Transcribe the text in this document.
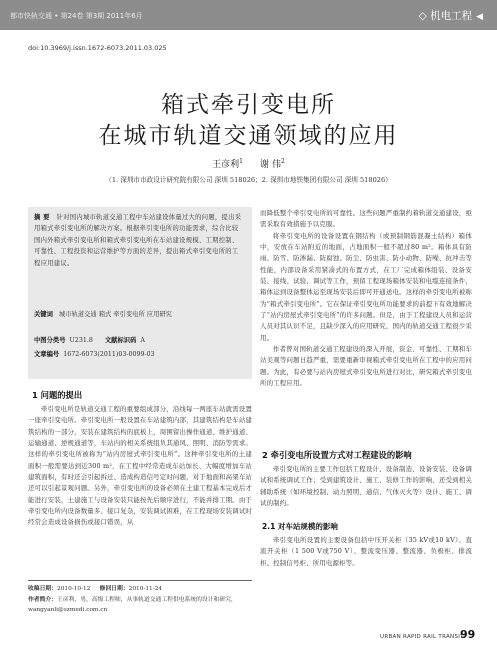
都市快轨交通 • 第24卷 第3期 2011年6月	◇ 机电工程 ◀
doi:10.3969/j.issn.1672-6073.2011.03.025
箱式牵引变电所
在城市轨道交通领域的应用
王彦利$^1$ 谢 伟$^2$
（1. 深圳市市政设计研究院有限公司 深圳 518026；2. 深圳市地铁集团有限公司 深圳 518026）
摘 要 针对国内城市轨道交通工程中车站建设体量过大的问题，提出采用箱式牵引变电所的解决方案。根据牵引变电所的功能需求，综合比较国内外箱式牵引变电所和箱式牵引变电所在车站建设规模、工期控制、可靠性、工程投资和运营维护等方面的差异，提出箱式牵引变电所的工程应用建议。
关键词 城市轨道交通 箱式 牵引变电所 应用研究
中图分类号 U231.8 文献标识码 A
文章编号 1672-6073(2011)03-0099-03
1 问题的提出

牵引变电所是轨道交通工程的重要组成部分，沿线每一两座车站就需设置一座牵引变电所。牵引变电所一般设置在车站建筑内部，其建筑结构是车站建筑结构的一部分，安装在建筑结构的底板上，周围留出操作通道、维护通道、运输通道、逆规通道等，车站内的相关系统组负其通风、照明、消防等需求。这样的牵引变电所被称为“站内房屋式牵引变电所”。这种牵引变电所的土建面积一般需要达到近300 m²，在工程中经常造成车站加长、大幅度增加车站建筑面积，有时还会引起拆迁、造成构造信号定时问题，对于地面和高架车站还可以引起景观问题。另外，牵引变电所的设备必须在土建工程基本完成后才能进行安装，土建施工与设备安装只能按先后顺序进行，不能并排工期。由于牵引变电所内设备数量多、接口复杂，安装调试困难，在工程现场安装调试时经常会造成设备损伤或接口错误，从

收稿日期：2010-10-12 修回日期：2010-11-24
作者简介：王彦利，男，高级工程师，从事轨道交通工程供电系统的设计和研究，wangyanli@szmedi.com.cn

而降低整个牵引变电所的可靠性。这些问题严重制约着轨道交通建设，亟需采取有效措施予以克服。

将牵引变电所的设备设置在钢结构（或预制钢筋混凝土结构）箱体中，安放在车站附近的地面，占地面积一般不超过80 m²。箱体具有防雨、防雪、防渗漏、防腐蚀、防尘、防虫害、防小动物、防噪、抗冲击等性能，内部设备采用紧凑式的布置方式，在工厂完成箱体组装、设备安装、接线、试验、调试等工作，预留工程现场箱体安装和电缆连接条件，箱体运到设备整体运至现场安装后即可开通送电。这样的牵引变电所被称为“箱式牵引变电所”。它在保证牵引变电所功能要求的前提下有效地解决了“站内房屋式牵引变电所”的许多问题。但是，由于工程建设人员和运营人员对其认识不足，且缺少深入的应用研究，国内的轨道交通工程很少采用。

作者曾对国轨道交通工程建设的深入开展，资金、可靠性、工期和车站美观等问题日趋严重，需要重新审视箱式牵引变电所在工程中的应用问题。为此，有必要与站内房屋式牵引变电所进行对比，研究箱式牵引变电所的工程应用。

2 牵引变电所设置方式对工程建设的影响

牵引变电所的主要工作包括工程设计、设备制造、设备安装、设备调试和系统调试工作；受到建筑设计、施工、装修工作的影响，还受到相关辅助系统（如环境控制、动力照明、通信、气体灭火等）设计、施工、调试的制约。

2.1 对车站规模的影响

牵引变电所设置的主要设备包括中压开关柜（35 kV或10 kV）、直流开关柜（1 500 V或750 V）、整流变压器、整流器、负极柜、排流柜、控制信号柜、所用电源柜等。

URBAN RAPID RAIL TRANSIT
99
